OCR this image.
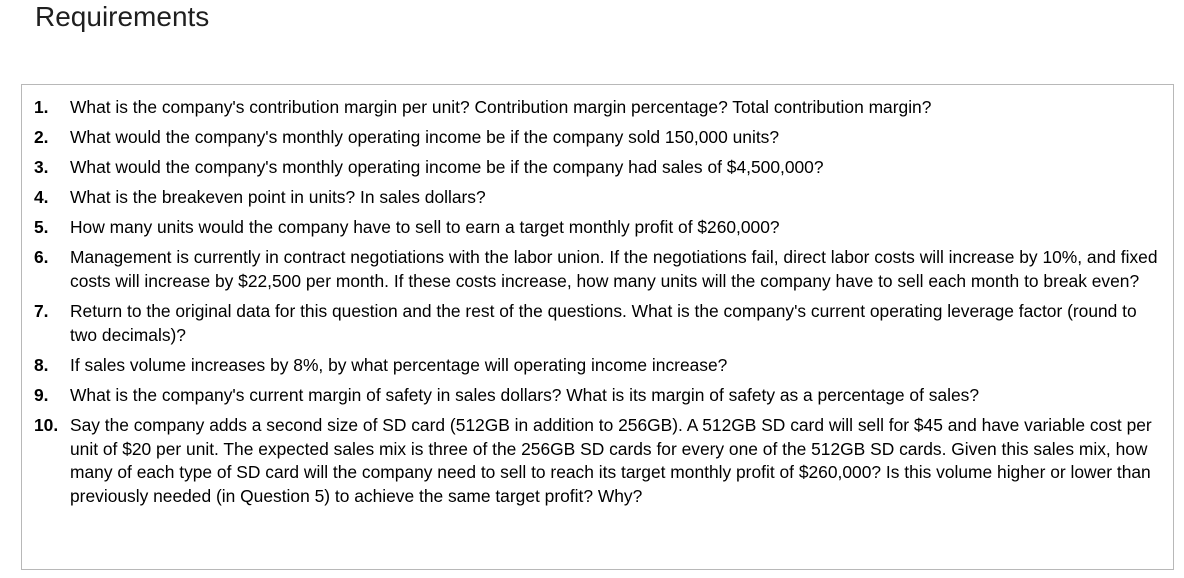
Requirements
1.	What is the company's contribution margin per unit? Contribution margin percentage? Total contribution margin?
2.	What would the company's monthly operating income be if the company sold 150,000 units?
3.	What would the company's monthly operating income be if the company had sales of $4,500,000?
4.	What is the breakeven point in units? In sales dollars?
5.	How many units would the company have to sell to earn a target monthly profit of $260,000?
6.	Management is currently in contract negotiations with the labor union. If the negotiations fail, direct labor costs will increase by 10%, and fixed costs will increase by $22,500 per month. If these costs increase, how many units will the company have to sell each month to break even?
7.	Return to the original data for this question and the rest of the questions. What is the company's current operating leverage factor (round to two decimals)?
8.	If sales volume increases by 8%, by what percentage will operating income increase?
9.	What is the company's current margin of safety in sales dollars? What is its margin of safety as a percentage of sales?
10. Say the company adds a second size of SD card (512GB in addition to 256GB). A 512GB SD card will sell for $45 and have variable cost per unit of $20 per unit. The expected sales mix is three of the 256GB SD cards for every one of the 512GB SD cards. Given this sales mix, how many of each type of SD card will the company need to sell to reach its target monthly profit of $260,000? Is this volume higher or lower than previously needed (in Question 5) to achieve the same target profit? Why?
